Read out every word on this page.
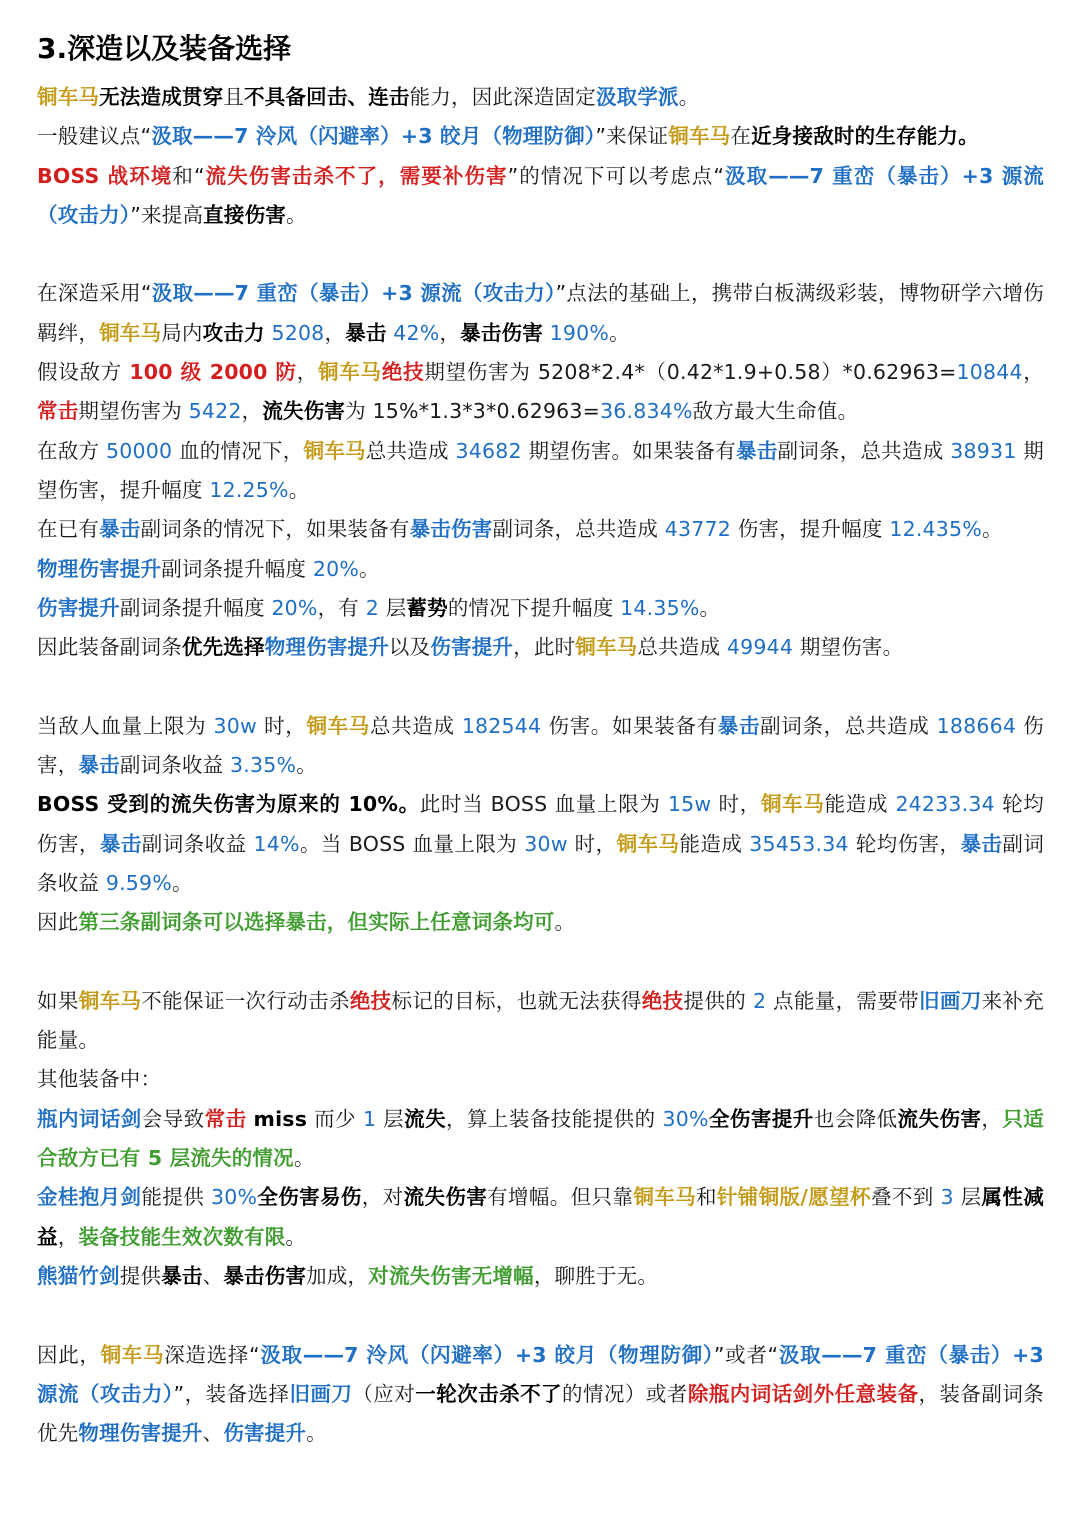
3.深造以及装备选择

铜车马无法造成贯穿且不具备回击、连击能力，因此深造固定汲取学派。

一般建议点“汲取——7 泠风（闪避率）+3 皎月（物理防御）”来保证铜车马在近身接敌时的生存能力。

BOSS 战环境和“流失伤害击杀不了，需要补伤害”的情况下可以考虑点“汲取——7 重峦（暴击）+3 源流（攻击力）”来提高直接伤害。

在深造采用“汲取——7 重峦（暴击）+3 源流（攻击力）”点法的基础上，携带白板满级彩装，博物研学六增伤羁绊，铜车马局内攻击力 5208，暴击 42%，暴击伤害 190%。

假设敌方 100 级 2000 防，铜车马绝技期望伤害为 5208*2.4*（0.42*1.9+0.58）*0.62963=10844，常击期望伤害为 5422，流失伤害为 15%*1.3*3*0.62963=36.834%敌方最大生命值。

在敌方 50000 血的情况下，铜车马总共造成 34682 期望伤害。如果装备有暴击副词条，总共造成 38931 期望伤害，提升幅度 12.25%。

在已有暴击副词条的情况下，如果装备有暴击伤害副词条，总共造成 43772 伤害，提升幅度 12.435%。

物理伤害提升副词条提升幅度 20%。

伤害提升副词条提升幅度 20%，有 2 层蓄势的情况下提升幅度 14.35%。

因此装备副词条优先选择物理伤害提升以及伤害提升，此时铜车马总共造成 49944 期望伤害。

当敌人血量上限为 30w 时，铜车马总共造成 182544 伤害。如果装备有暴击副词条，总共造成 188664 伤害，暴击副词条收益 3.35%。

BOSS 受到的流失伤害为原来的 10%。此时当 BOSS 血量上限为 15w 时，铜车马能造成 24233.34 轮均伤害，暴击副词条收益 14%。当 BOSS 血量上限为 30w 时，铜车马能造成 35453.34 轮均伤害，暴击副词条收益 9.59%。

因此第三条副词条可以选择暴击，但实际上任意词条均可。

如果铜车马不能保证一次行动击杀绝技标记的目标，也就无法获得绝技提供的 2 点能量，需要带旧画刀来补充能量。

其他装备中：

瓶内词话剑会导致常击 miss 而少 1 层流失，算上装备技能提供的 30%全伤害提升也会降低流失伤害，只适合敌方已有 5 层流失的情况。

金桂抱月剑能提供 30%全伤害易伤，对流失伤害有增幅。但只靠铜车马和针铺铜版/愿望杯叠不到 3 层属性减益，装备技能生效次数有限。

熊猫竹剑提供暴击、暴击伤害加成，对流失伤害无增幅，聊胜于无。

因此，铜车马深造选择“汲取——7 泠风（闪避率）+3 皎月（物理防御）”或者“汲取——7 重峦（暴击）+3 源流（攻击力）”，装备选择旧画刀（应对一轮次击杀不了的情况）或者除瓶内词话剑外任意装备，装备副词条优先物理伤害提升、伤害提升。
